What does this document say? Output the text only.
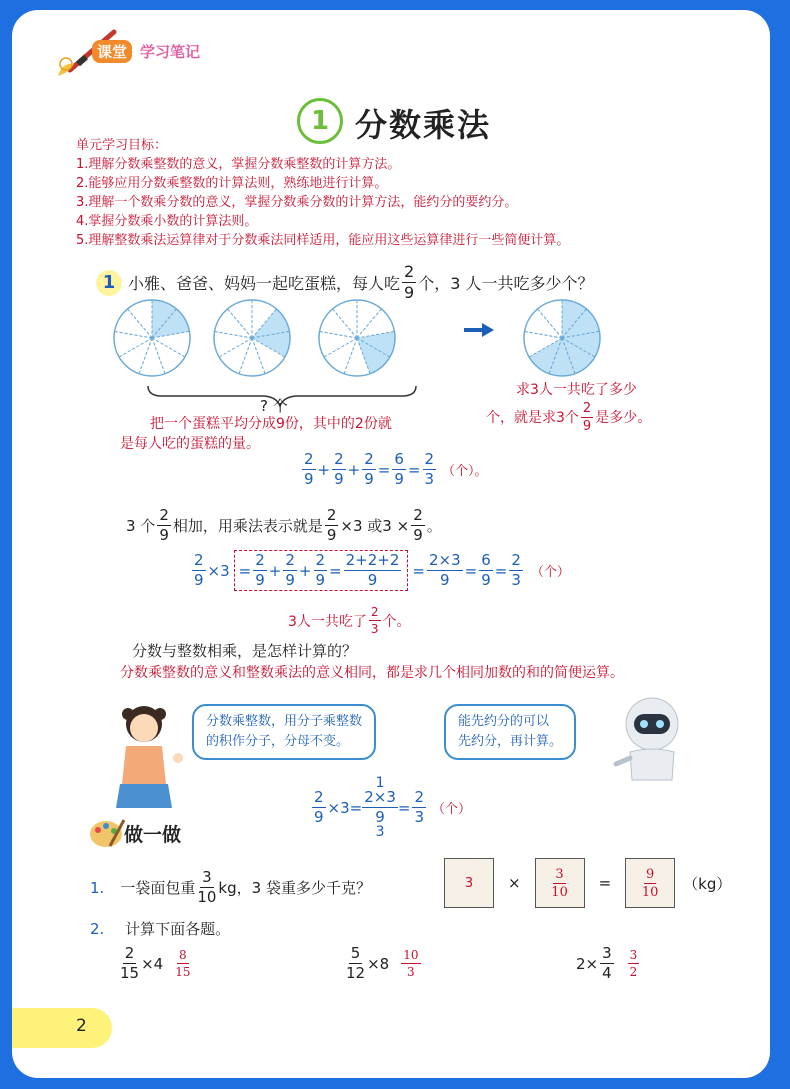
课堂 学习笔记
1 分数乘法
单元学习目标：
1.理解分数乘整数的意义，掌握分数乘整数的计算方法。
2.能够应用分数乘整数的计算法则，熟练地进行计算。
3.理解一个数乘分数的意义，掌握分数乘分数的计算方法，能约分的要约分。
4.掌握分数乘小数的计算法则。
5.理解整数乘法运算律对于分数乘法同样适用，能应用这些运算律进行一些简便计算。
1 小雅、爸爸、妈妈一起吃蛋糕，每人吃 $\frac{2}{9}$ 个，3 人一共吃多少个？
? 个
把一个蛋糕平均分成9份，其中的2份就
是每人吃的蛋糕的量。
求3人一共吃了多少
个，就是求3个 $\frac{2}{9}$ 是多少。
$\frac{2}{9} + \frac{2}{9} + \frac{2}{9} = \frac{6}{9} = \frac{2}{3}$ （个）。
3 个 $\frac{2}{9}$ 相加，用乘法表示就是 $\frac{2}{9} \times 3$ 或$3 \times \frac{2}{9}$ 。
$\frac{2}{9} \times 3 = \frac{2}{9} + \frac{2}{9} + \frac{2}{9} = \frac{2+2+2}{9} = \frac{2\times 3}{9} = \frac{6}{9} = \frac{2}{3}$ （个）
3人一共吃了 $\frac{2}{3}$ 个。
分数与整数相乘，是怎样计算的？
分数乘整数的意义和整数乘法的意义相同，都是求几个相同加数的和的简便运算。
分数乘整数，用分子乘整数
的积作分子，分母不变。
能先约分的可以
先约分，再计算。
$\frac{2}{9} \times 3=$
1
$\frac{2\times 3}{9}$
3
= $\frac{2}{3}$ （个）
做一做
1. 一袋面包重 $\frac{3}{10}$ kg，3 袋重多少千克？	$3 \times \frac{3}{10} = \frac{9}{10} (kg)$
2. 计算下面各题。
$\frac{2}{15} \times 4 \frac{8}{15}$	$\frac{5}{12} \times 8 \frac{10}{3}$	$2\times \frac{3}{4} \frac{3}{2}$
2
